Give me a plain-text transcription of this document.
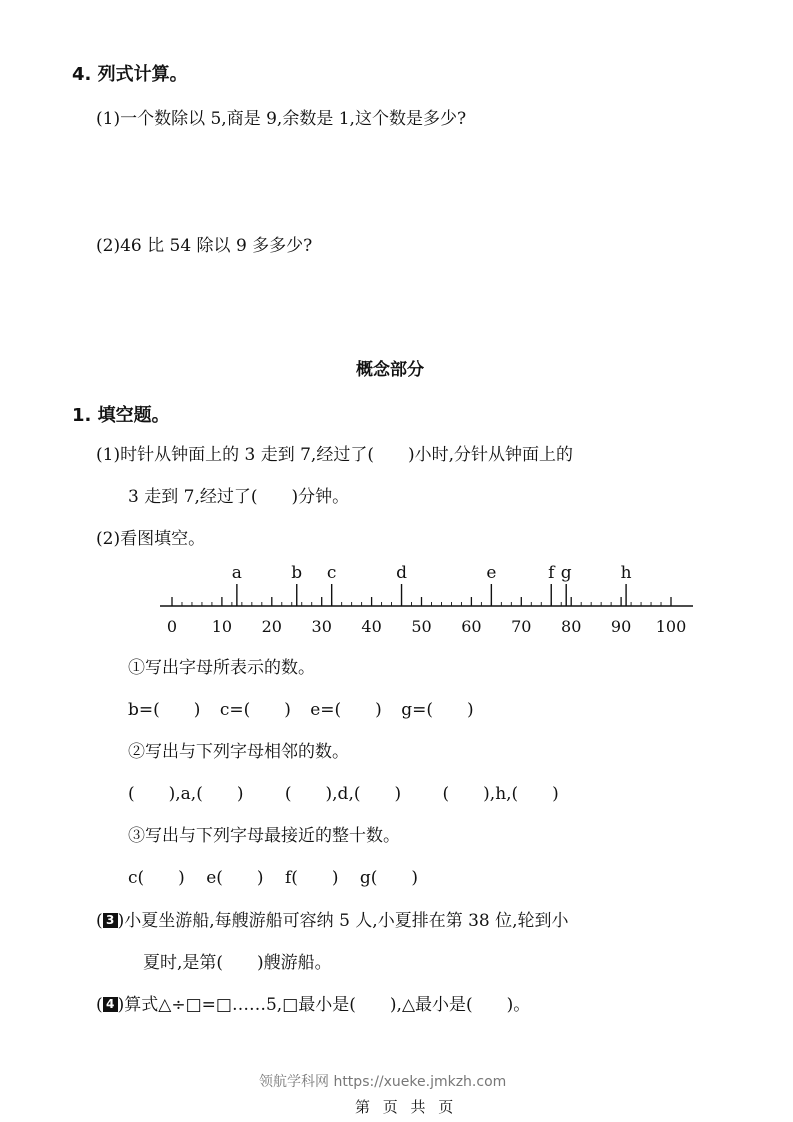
4. 列式计算。
(1)一个数除以 5,商是 9,余数是 1,这个数是多少?
(2)46 比 54 除以 9 多多少?
概念部分
1. 填空题。
(1)时针从钟面上的 3 走到 7,经过了(　　)小时,分针从钟面上的
3 走到 7,经过了(　　)分钟。
(2)看图填空。
0 10 20 30 40 50 60 70 80 90 100
a	b c	d	e	f g	h
①写出字母所表示的数。
b=(　　) c=(　　) e=(　　) g=(　　)
②写出与下列字母相邻的数。
(　　),a,(　　) (　　),d,(　　) (　　),h,(　　)
③写出与下列字母最接近的整十数。
c(　　) e(　　) f(　　) g(　　)
( 3 )小夏坐游船,每艘游船可容纳 5 人,小夏排在第 38 位,轮到小
夏时,是第(　　)艘游船。
( 4 )算式△÷□=□……5,□最小是(　　),△最小是(　　)。
领航学科网 https://xueke.jmkzh.com
第 页 共 页
